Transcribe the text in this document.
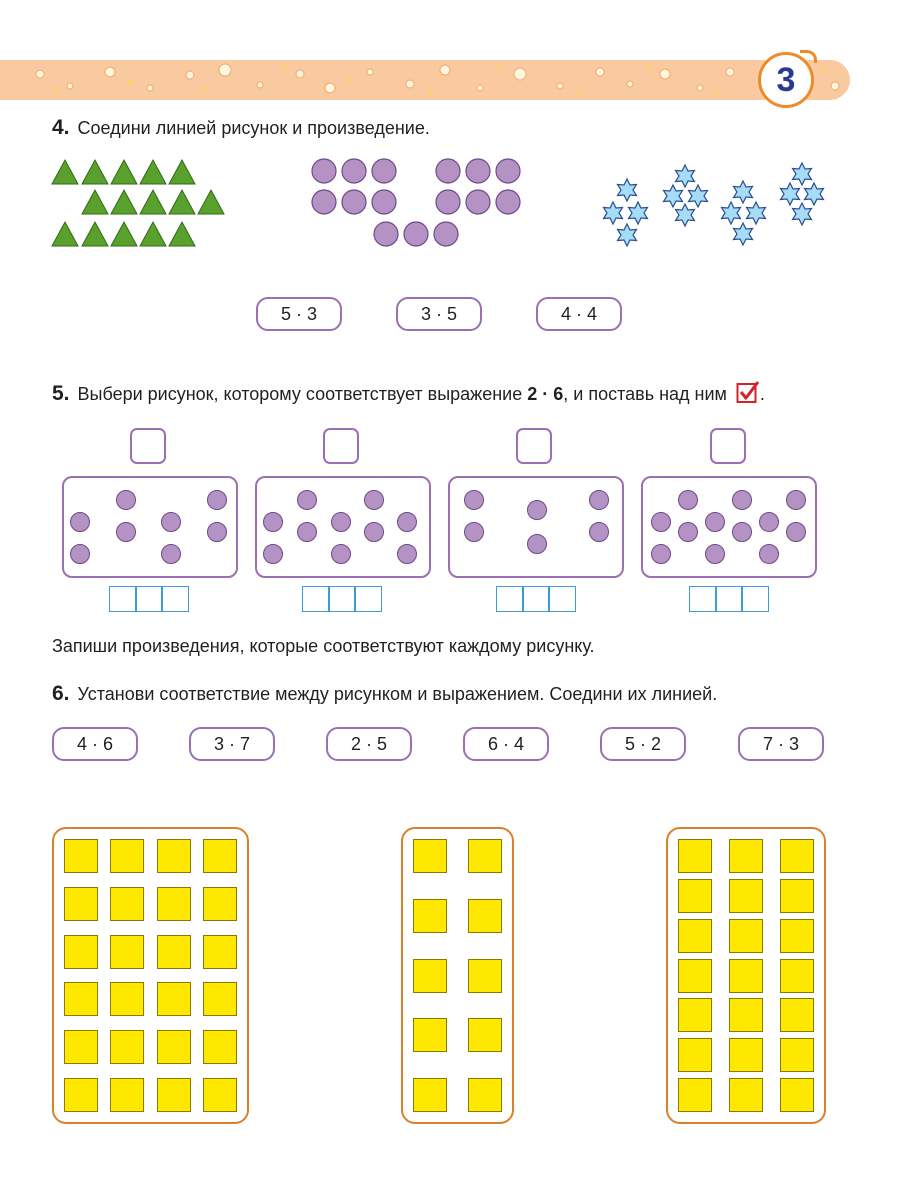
3
4. Соедини линией рисунок и произведение.
5 · 3	3 · 5	4 · 4
5. Выбери рисунок, которому соответствует выражение 2 · 6, и поставь над ним .
Запиши произведения, которые соответствуют каждому рисунку.
6. Установи соответствие между рисунком и выражением. Соедини их линией.
4 · 6	3 · 7	2 · 5	6 · 4	5 · 2	7 · 3
